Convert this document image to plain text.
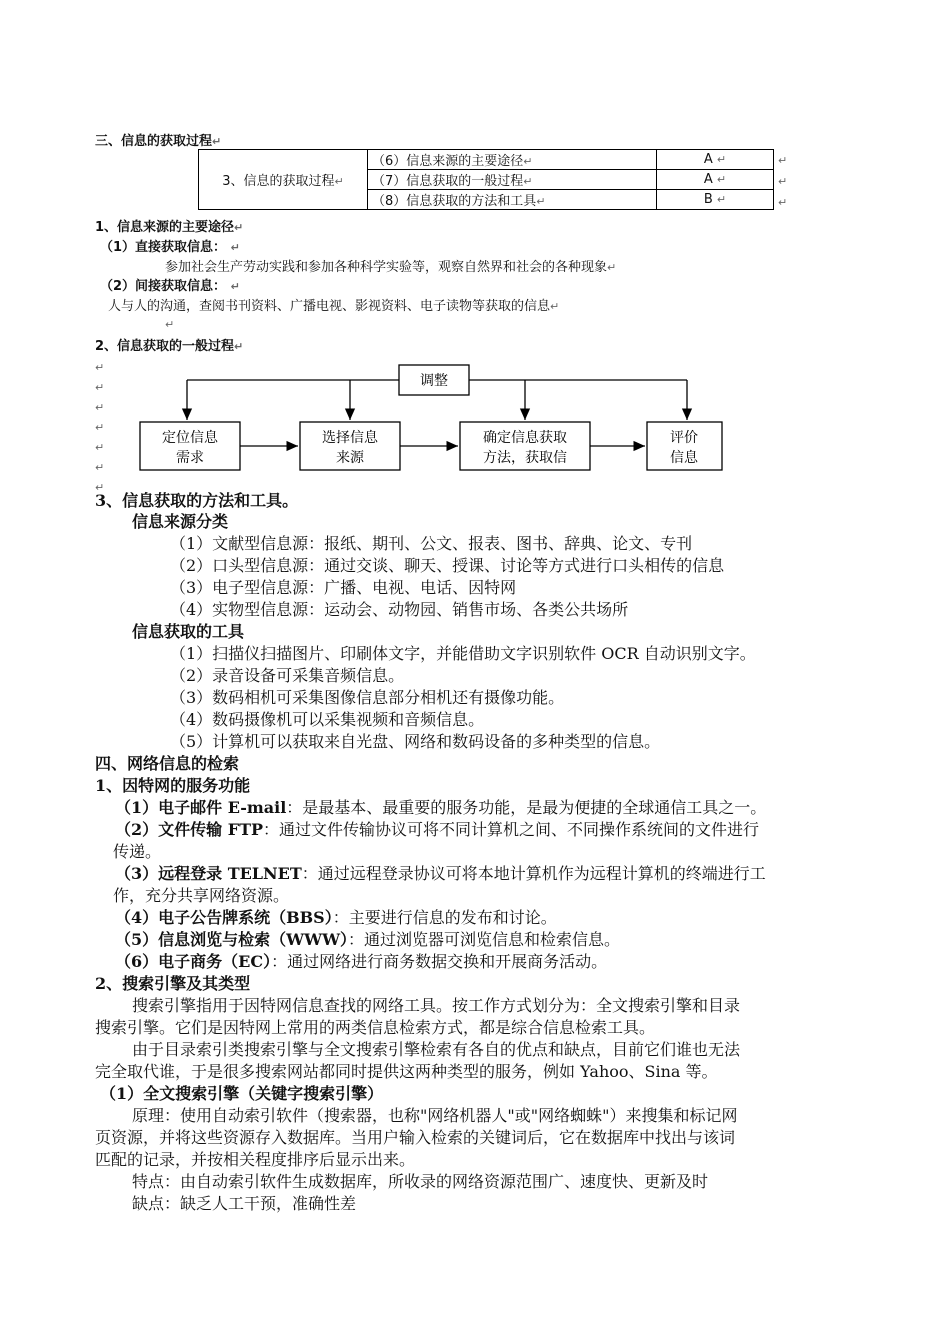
三、信息的获取过程↵
3、信息的获取过程↵	（6）信息来源的主要途径↵	A ↵
	（7）信息获取的一般过程↵	A ↵
	（8）信息获取的方法和工具↵	B ↵
↵
↵
↵
1、信息来源的主要途径↵
（1）直接获取信息： ↵
参加社会生产劳动实践和参加各种科学实验等，观察自然界和社会的各种现象↵
（2）间接获取信息： ↵
人与人的沟通，查阅书刊资料、广播电视、影视资料、电子读物等获取的信息↵
↵
2、信息获取的一般过程↵
↵
↵
↵
↵
↵
↵
↵
调整
定位信息
需求
选择信息
来源
确定信息获取
方法，获取信
评价
信息
3、信息获取的方法和工具。
信息来源分类
（1）文献型信息源：报纸、期刊、公文、报表、图书、辞典、论文、专刊
（2）口头型信息源：通过交谈、聊天、授课、讨论等方式进行口头相传的信息
（3）电子型信息源：广播、电视、电话、因特网
（4）实物型信息源：运动会、动物园、销售市场、各类公共场所
信息获取的工具
（1）扫描仪扫描图片、印刷体文字，并能借助文字识别软件 OCR 自动识别文字。
（2）录音设备可采集音频信息。
（3）数码相机可采集图像信息部分相机还有摄像功能。
（4）数码摄像机可以采集视频和音频信息。
（5）计算机可以获取来自光盘、网络和数码设备的多种类型的信息。
四、网络信息的检索
1、因特网的服务功能
（1）电子邮件 E-mail：是最基本、最重要的服务功能，是最为便捷的全球通信工具之一。
（2）文件传输 FTP：通过文件传输协议可将不同计算机之间、不同操作系统间的文件进行
传递。
（3）远程登录 TELNET：通过远程登录协议可将本地计算机作为远程计算机的终端进行工
作，充分共享网络资源。
（4）电子公告牌系统（BBS）：主要进行信息的发布和讨论。
（5）信息浏览与检索（WWW）：通过浏览器可浏览信息和检索信息。
（6）电子商务（EC）：通过网络进行商务数据交换和开展商务活动。
2、搜索引擎及其类型
搜索引擎指用于因特网信息查找的网络工具。按工作方式划分为：全文搜索引擎和目录
搜索引擎。它们是因特网上常用的两类信息检索方式，都是综合信息检索工具。
由于目录索引类搜索引擎与全文搜索引擎检索有各自的优点和缺点，目前它们谁也无法
完全取代谁，于是很多搜索网站都同时提供这两种类型的服务，例如 Yahoo、Sina 等。
（1）全文搜索引擎（关键字搜索引擎）
原理：使用自动索引软件（搜索器，也称"网络机器人"或"网络蜘蛛"）来搜集和标记网
页资源，并将这些资源存入数据库。当用户输入检索的关键词后，它在数据库中找出与该词
匹配的记录，并按相关程度排序后显示出来。
特点：由自动索引软件生成数据库，所收录的网络资源范围广、速度快、更新及时
缺点：缺乏人工干预，准确性差
